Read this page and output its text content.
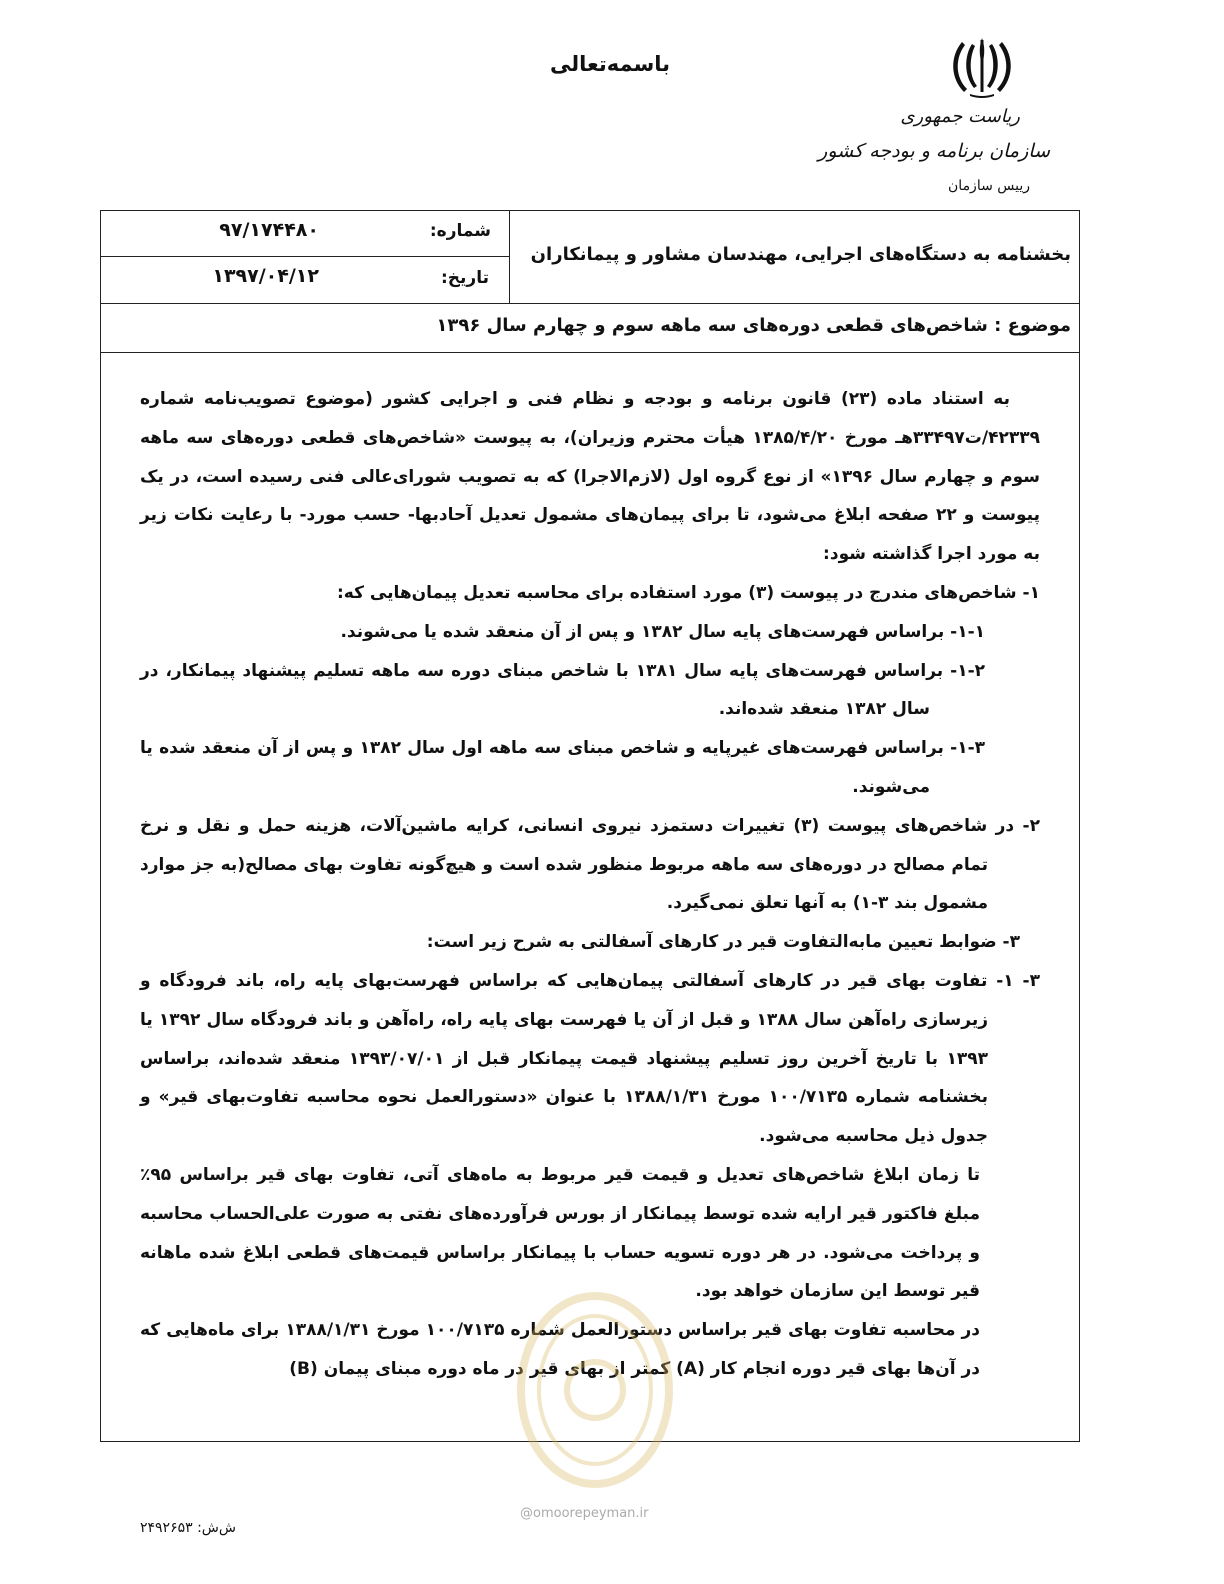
باسمه‌تعالی
ریاست جمهوری
سازمان برنامه و بودجه کشور
رییس سازمان
شماره:
۹۷/۱۷۴۴۸۰
تاریخ:
۱۳۹۷/۰۴/۱۲
بخشنامه به دستگاه‌های اجرایی، مهندسان مشاور و پیمانکاران
موضوع : شاخص‌های قطعی دوره‌های سه ماهه سوم و چهارم سال ۱۳۹۶

به استناد ماده (۲۳) قانون برنامه و بودجه و نظام فنی و اجرایی کشور (موضوع تصویب‌نامه شماره ۴۲۳۳۹/ت۳۳۴۹۷هـ مورخ ۱۳۸۵/۴/۲۰ هیأت محترم وزیران)، به پیوست «شاخص‌های قطعی دوره‌های سه ماهه سوم و چهارم سال ۱۳۹۶» از نوع گروه اول (لازم‌الاجرا) که به تصویب شورای‌عالی فنی رسیده است، در یک پیوست و ۲۲ صفحه ابلاغ می‌شود، تا برای پیمان‌های مشمول تعدیل آحادبها- حسب مورد- با رعایت نکات زیر به مورد اجرا گذاشته شود:

۱- شاخص‌های مندرج در پیوست (۳) مورد استفاده برای محاسبه تعدیل پیمان‌هایی که:

۱-۱- براساس فهرست‌های پایه سال ۱۳۸۲ و پس از آن منعقد شده یا می‌شوند.

۱-۲- براساس فهرست‌های پایه سال ۱۳۸۱ با شاخص مبنای دوره سه ماهه تسلیم پیشنهاد پیمانکار، در سال ۱۳۸۲ منعقد شده‌اند.

۱-۳- براساس فهرست‌های غیرپایه و شاخص مبنای سه ماهه اول سال ۱۳۸۲ و پس از آن منعقد شده یا می‌شوند.

۲- در شاخص‌های پیوست (۳) تغییرات دستمزد نیروی انسانی، کرایه ماشین‌آلات، هزینه حمل و نقل و نرخ تمام مصالح در دوره‌های سه ماهه مربوط منظور شده است و هیچ‌گونه تفاوت بهای مصالح(به جز موارد مشمول بند ۳-۱) به آنها تعلق نمی‌گیرد.

۳- ضوابط تعیین مابه‌التفاوت قیر در کارهای آسفالتی به شرح زیر است:

۳- ۱- تفاوت بهای قیر در کارهای آسفالتی پیمان‌هایی که براساس فهرست‌بهای پایه راه، باند فرودگاه و زیرسازی راه‌آهن سال ۱۳۸۸ و قبل از آن یا فهرست بهای پایه راه، راه‌آهن و باند فرودگاه سال ۱۳۹۲ یا ۱۳۹۳ با تاریخ آخرین روز تسلیم پیشنهاد قیمت پیمانکار قبل از ۱۳۹۳/۰۷/۰۱ منعقد شده‌اند، براساس بخشنامه شماره ۱۰۰/۷۱۳۵ مورخ ۱۳۸۸/۱/۳۱ با عنوان «دستورالعمل نحوه محاسبه تفاوت‌بهای قیر» و جدول ذیل محاسبه می‌شود.

تا زمان ابلاغ شاخص‌های تعدیل و قیمت قیر مربوط به ماه‌های آتی، تفاوت بهای قیر براساس ۹۵٪ مبلغ فاکتور قیر ارایه شده توسط پیمانکار از بورس فرآورده‌های نفتی به صورت علی‌الحساب محاسبه و پرداخت می‌شود. در هر دوره تسویه حساب با پیمانکار براساس قیمت‌های قطعی ابلاغ شده ماهانه قیر توسط این سازمان خواهد بود.

در محاسبه تفاوت بهای قیر براساس دستورالعمل شماره ۱۰۰/۷۱۳۵ مورخ ۱۳۸۸/۱/۳۱ برای ماه‌هایی که در آن‌ها بهای قیر دوره انجام کار (A) کمتر از بهای قیر در ماه دوره مبنای پیمان (B)

@omoorepeyman.ir
ش‌ش: ۲۴۹۲۶۵۳
